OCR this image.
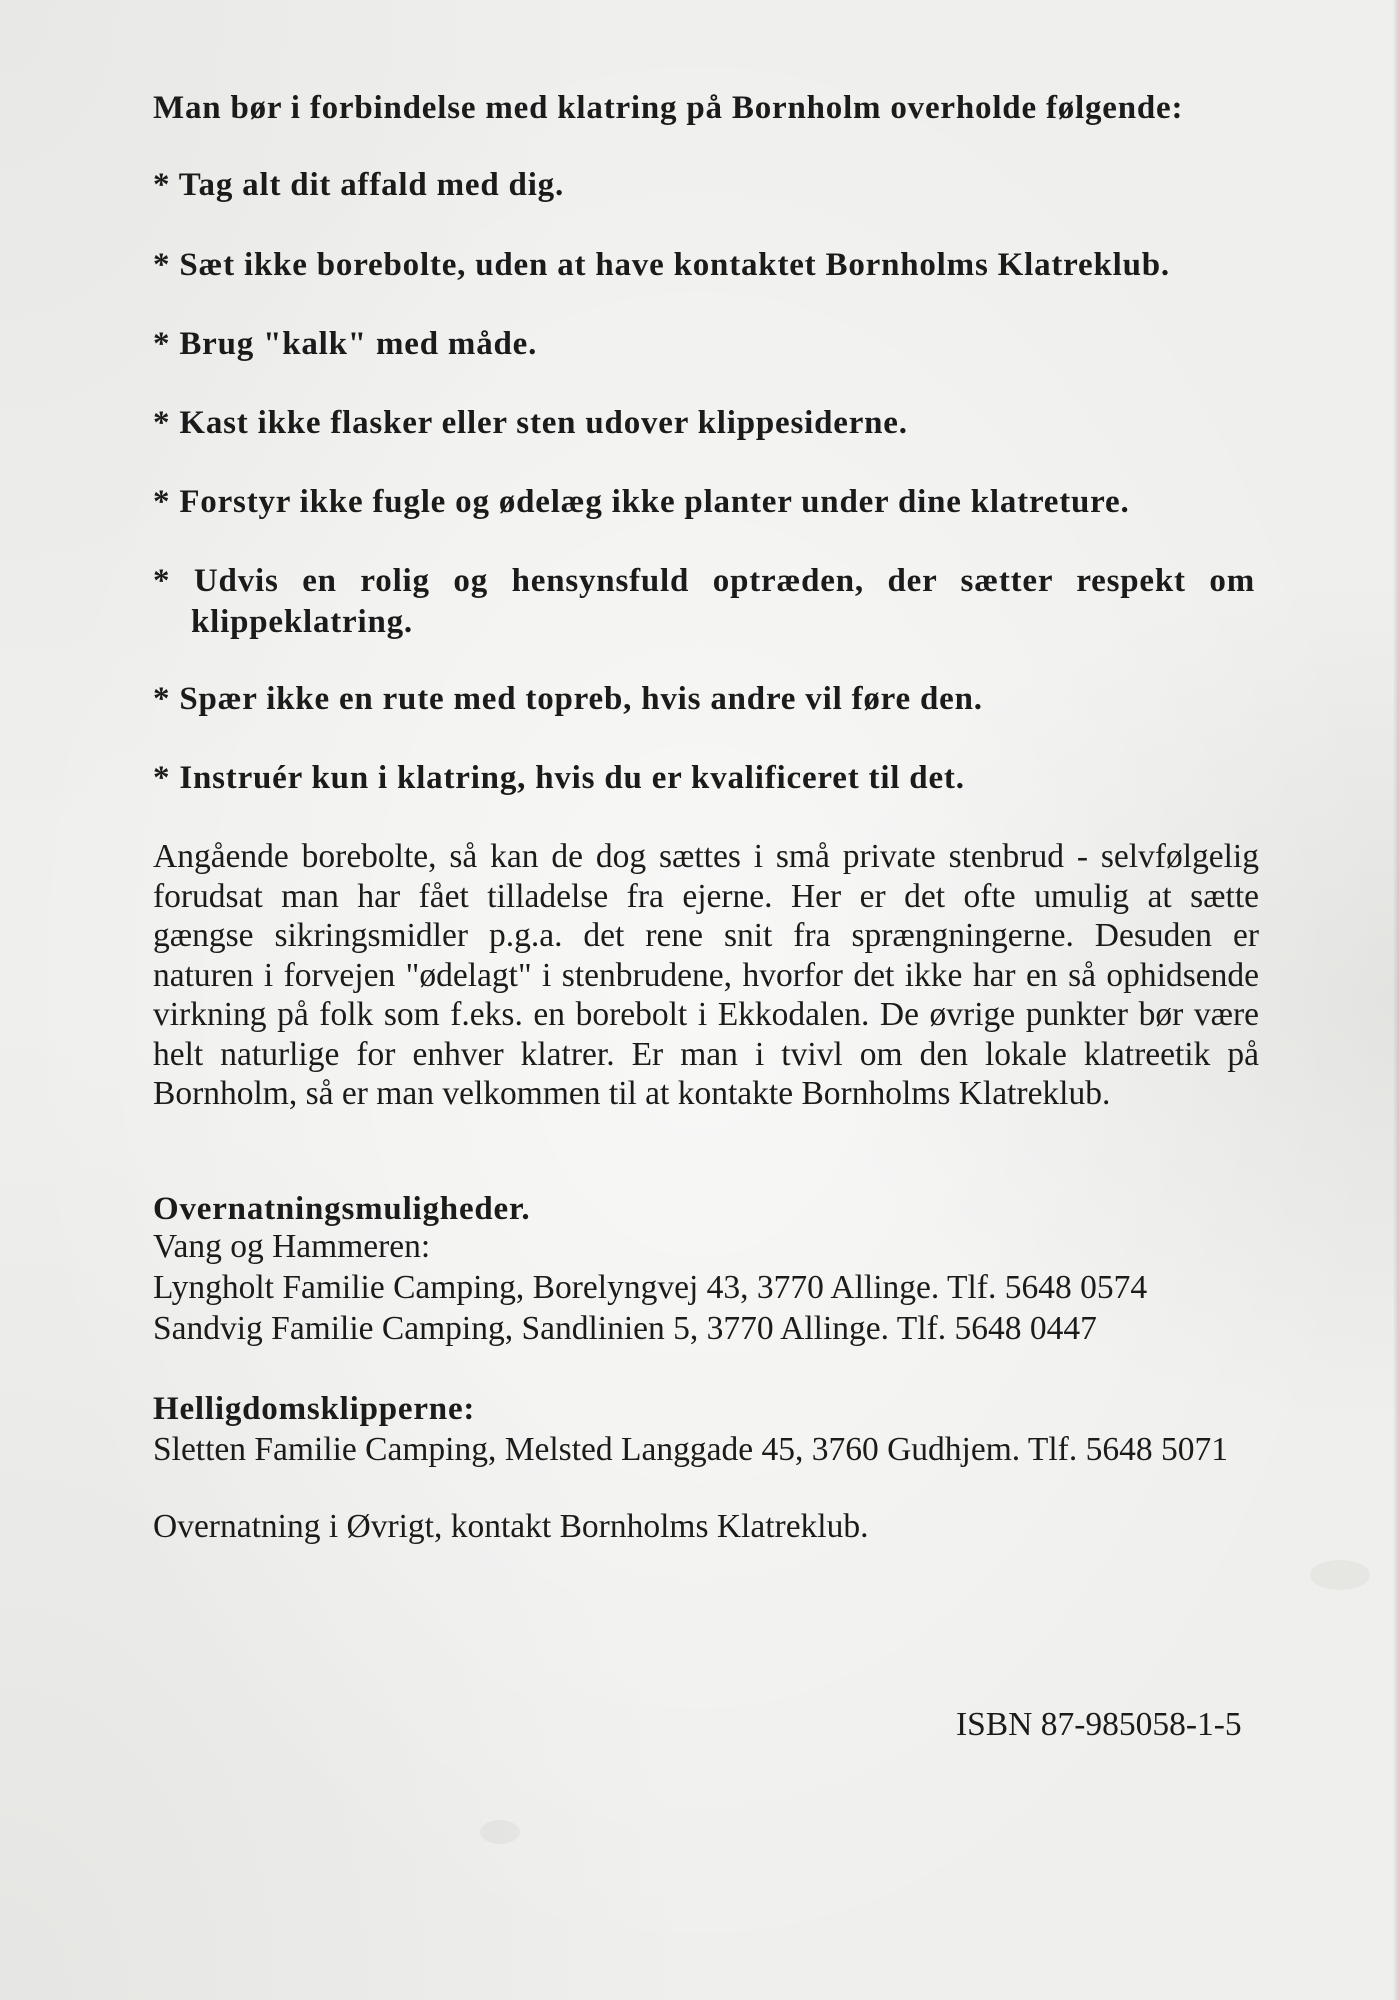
Man bør i forbindelse med klatring på Bornholm overholde følgende:
* Tag alt dit affald med dig.
* Sæt ikke borebolte, uden at have kontaktet Bornholms Klatreklub.
* Brug "kalk" med måde.
* Kast ikke flasker eller sten udover klippesiderne.
* Forstyr ikke fugle og ødelæg ikke planter under dine klatreture.
* Udvis en rolig og hensynsfuld optræden, der sætter respekt om
klippeklatring.
* Spær ikke en rute med topreb, hvis andre vil føre den.
* Instruér kun i klatring, hvis du er kvalificeret til det.
Angående borebolte, så kan de dog sættes i små private stenbrud - selvfølgelig
forudsat man har fået tilladelse fra ejerne. Her er det ofte umulig at sætte
gængse sikringsmidler p.g.a. det rene snit fra sprængningerne. Desuden er
naturen i forvejen "ødelagt" i stenbrudene, hvorfor det ikke har en så ophidsende
virkning på folk som f.eks. en borebolt i Ekkodalen. De øvrige punkter bør være
helt naturlige for enhver klatrer. Er man i tvivl om den lokale klatreetik på
Bornholm, så er man velkommen til at kontakte Bornholms Klatreklub.
Overnatningsmuligheder.
Vang og Hammeren:
Lyngholt Familie Camping, Borelyngvej 43, 3770 Allinge. Tlf. 5648 0574
Sandvig Familie Camping, Sandlinien 5, 3770 Allinge. Tlf. 5648 0447
Helligdomsklipperne:
Sletten Familie Camping, Melsted Langgade 45, 3760 Gudhjem. Tlf. 5648 5071
Overnatning i Øvrigt, kontakt Bornholms Klatreklub.
ISBN 87-985058-1-5
